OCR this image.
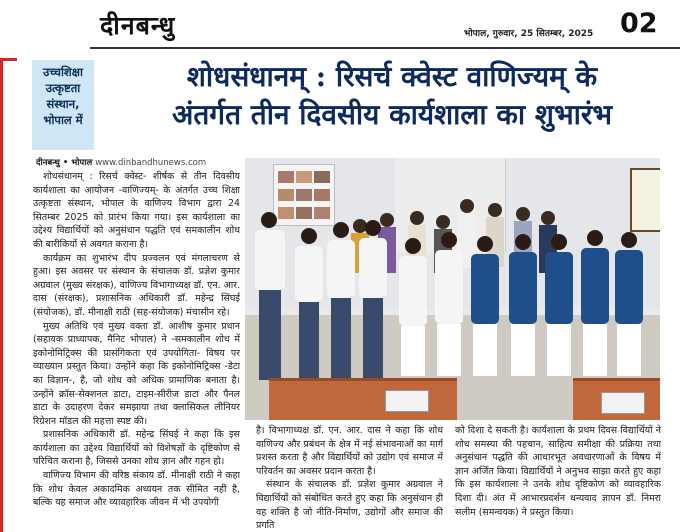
दीनबन्धु	भोपाल, गुरुवार, 25 सितम्बर, 2025 02
उच्चशिक्षा
उत्कृष्टता
संस्थान,
भोपाल में
शोधसंधानम् : रिसर्च क्वेस्ट वाणिज्यम् के
अंतर्गत तीन दिवसीय कार्यशाला का शुभारंभ
दीनबन्धु • भोपाल www.dinbandhunews.com

शोधसंधानम् : रिसर्च क्वेस्ट- शीर्षक से तीन दिवसीय कार्यशाला का आयोजन -वाणिज्यम्- के अंतर्गत उच्च शिक्षा उत्कृष्टता संस्थान, भोपाल के वाणिज्य विभाग द्वारा 24 सितम्बर 2025 को प्रारंभ किया गया। इस कार्यशाला का उद्देश्य विद्यार्थियों को अनुसंधान पद्धति एवं समकालीन शोध की बारीकियों से अवगत कराना है।

कार्यक्रम का शुभारंभ दीप प्रज्वलन एवं मंगलाचरण से हुआ। इस अवसर पर संस्थान के संचालक डॉ. प्रज्ञेश कुमार अग्रवाल (मुख्य संरक्षक), वाणिज्य विभागाध्यक्ष डॉ. एन. आर. दास (संरक्षक), प्रशासनिक अधिकारी डॉ. महेन्द्र सिंघई (संयोजक), डॉ. मीनाक्षी राठी (सह-संयोजक) मंचासीन रहे।

मुख्य अतिथि एवं मुख्य वक्ता डॉ. आशीष कुमार प्रधान (सहायक प्राध्यापक, मैनिट भोपाल) ने -समकालीन शोध में इकोनोमिट्रिक्स की प्रासंगिकता एवं उपयोगिता- विषय पर व्याख्यान प्रस्तुत किया। उन्होंने कहा कि इकोनोमिट्रिक्स -डेटा का विज्ञान-, है, जो शोध को अधिक प्रामाणिक बनाता है। उन्होंने क्रॉस-सेक्शनल डाटा, टाइम-सीरीज डाटा और पैनल डाटा के उदाहरण देकर समझाया तथा क्लासिकल लीनियर रिग्रेशन मॉडल की महत्ता स्पष्ट की।

प्रशासनिक अधिकारी डॉ. महेन्द्र सिंघई ने कहा कि इस कार्यशाला का उद्देश्य विद्यार्थियों को विशेषज्ञों के दृष्टिकोण से परिचित कराना है, जिससे उनका शोध ज्ञान और गहन हो।

वाणिज्य विभाग की वरिष्ठ संकाय डॉ. मीनाक्षी राठी ने कहा कि शोध केवल अकादमिक अध्ययन तक सीमित नहीं है, बल्कि यह समाज और व्यावहारिक जीवन में भी उपयोगी

है। विभागाध्यक्ष डॉ. एन. आर. दास ने कहा कि शोध वाणिज्य और प्रबंधन के क्षेत्र में नई संभावनाओं का मार्ग प्रशस्त करता है और विद्यार्थियों को उद्योग एवं समाज में परिवर्तन का अवसर प्रदान करता है।

संस्थान के संचालक डॉ. प्रज्ञेश कुमार अग्रवाल ने विद्यार्थियों को संबोधित करते हुए कहा कि अनुसंधान ही वह शक्ति है जो नीति-निर्माण, उद्योगों और समाज की प्रगति

को दिशा दे सकती है। कार्यशाला के प्रथम दिवस विद्यार्थियों ने शोध समस्या की पहचान, साहित्य समीक्षा की प्रक्रिया तथा अनुसंधान पद्धति की आधारभूत अवधारणाओं के विषय में ज्ञान अर्जित किया। विद्यार्थियों ने अनुभव साझा करते हुए कहा कि इस कार्यशाला ने उनके शोध दृष्टिकोण को व्यावहारिक दिशा दी। अंत में आभारप्रदर्शन धन्यवाद ज्ञापन डॉ. निमरा सलीम (समन्वयक) ने प्रस्तुत किया।
